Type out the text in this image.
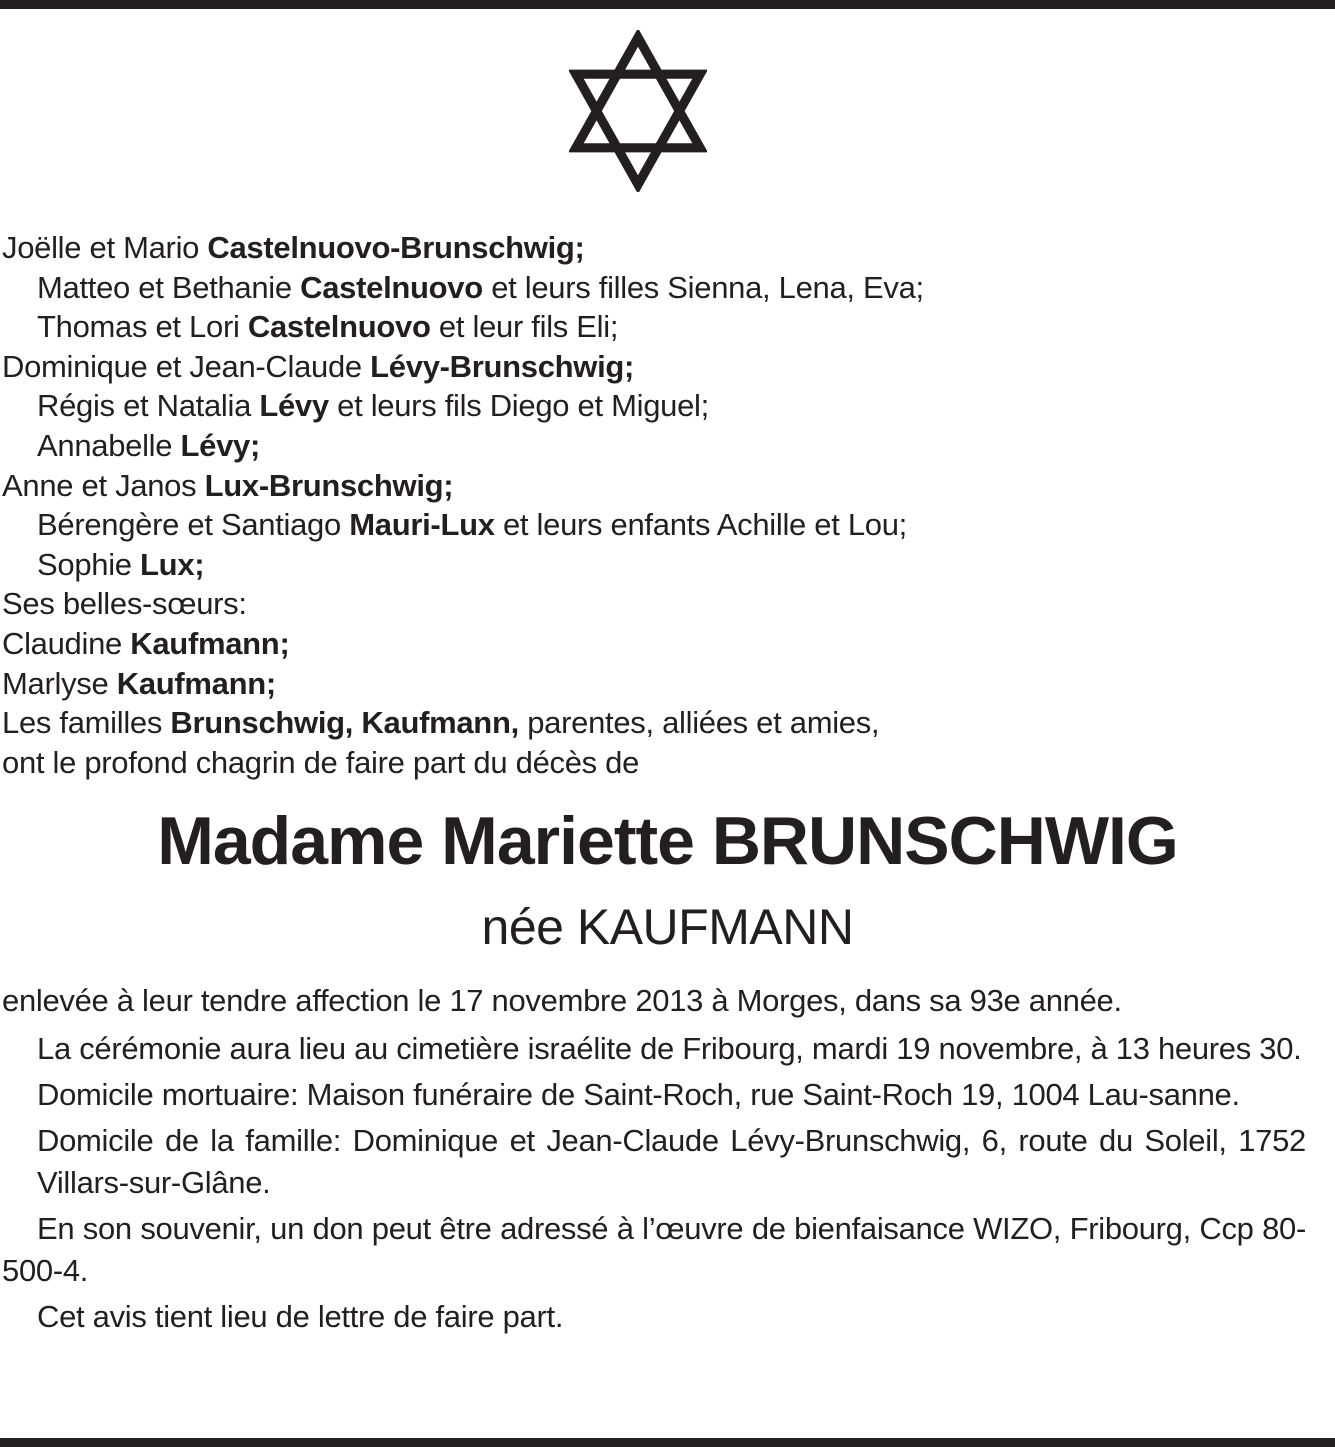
Joëlle et Mario Castelnuovo-Brunschwig;
Matteo et Bethanie Castelnuovo et leurs filles Sienna, Lena, Eva;
Thomas et Lori Castelnuovo et leur fils Eli;
Dominique et Jean-Claude Lévy-Brunschwig;
Régis et Natalia Lévy et leurs fils Diego et Miguel;
Annabelle Lévy;
Anne et Janos Lux-Brunschwig;
Bérengère et Santiago Mauri-Lux et leurs enfants Achille et Lou;
Sophie Lux;
Ses belles-sœurs:
Claudine Kaufmann;
Marlyse Kaufmann;
Les familles Brunschwig, Kaufmann, parentes, alliées et amies,
ont le profond chagrin de faire part du décès de
Madame Mariette BRUNSCHWIG
née KAUFMANN

enlevée à leur tendre affection le 17 novembre 2013 à Morges, dans sa 93e année.

La cérémonie aura lieu au cimetière israélite de Fribourg, mardi 19 novembre, à 13 heures 30.

Domicile mortuaire: Maison funéraire de Saint-Roch, rue Saint-Roch 19, 1004 Lau-sanne.

Domicile de la famille: Dominique et Jean-Claude Lévy-Brunschwig, 6, route du Soleil, 1752 Villars-sur-Glâne.

En son souvenir, un don peut être adressé à l’œuvre de bienfaisance WIZO, Fribourg, Ccp 80-500-4.

Cet avis tient lieu de lettre de faire part.
